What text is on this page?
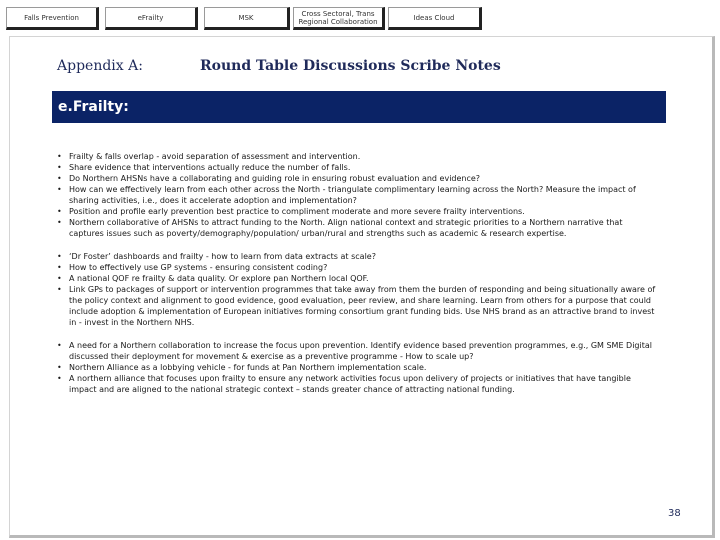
Falls Prevention	eFrailty	MSK	Cross Sectoral, Trans Regional Collaboration	Ideas Cloud
Appendix A:	Round Table Discussions Scribe Notes
e.Frailty:
• Frailty & falls overlap - avoid separation of assessment and intervention.
• Share evidence that interventions actually reduce the number of falls.
• Do Northern AHSNs have a collaborating and guiding role in ensuring robust evaluation and evidence?
• How can we effectively learn from each other across the North - triangulate complimentary learning across the North? Measure the impact of sharing activities, i.e., does it accelerate adoption and implementation?
• Position and profile early prevention best practice to compliment moderate and more severe frailty interventions.
• Northern collaborative of AHSNs to attract funding to the North. Align national context and strategic priorities to a Northern narrative that captures issues such as poverty/demography/population/ urban/rural and strengths such as academic & research expertise.
• ‘Dr Foster’ dashboards and frailty - how to learn from data extracts at scale?
• How to effectively use GP systems - ensuring consistent coding?
• A national QOF re frailty & data quality. Or explore pan Northern local QOF.
• Link GPs to packages of support or intervention programmes that take away from them the burden of responding and being situationally aware of the policy context and alignment to good evidence, good evaluation, peer review, and share learning. Learn from others for a purpose that could include adoption & implementation of European initiatives forming consortium grant funding bids. Use NHS brand as an attractive brand to invest in - invest in the Northern NHS.
• A need for a Northern collaboration to increase the focus upon prevention. Identify evidence based prevention programmes, e.g., GM SME Digital discussed their deployment for movement & exercise as a preventive programme - How to scale up?
• Northern Alliance as a lobbying vehicle - for funds at Pan Northern implementation scale.
• A northern alliance that focuses upon frailty to ensure any network activities focus upon delivery of projects or initiatives that have tangible impact and are aligned to the national strategic context – stands greater chance of attracting national funding.
38
